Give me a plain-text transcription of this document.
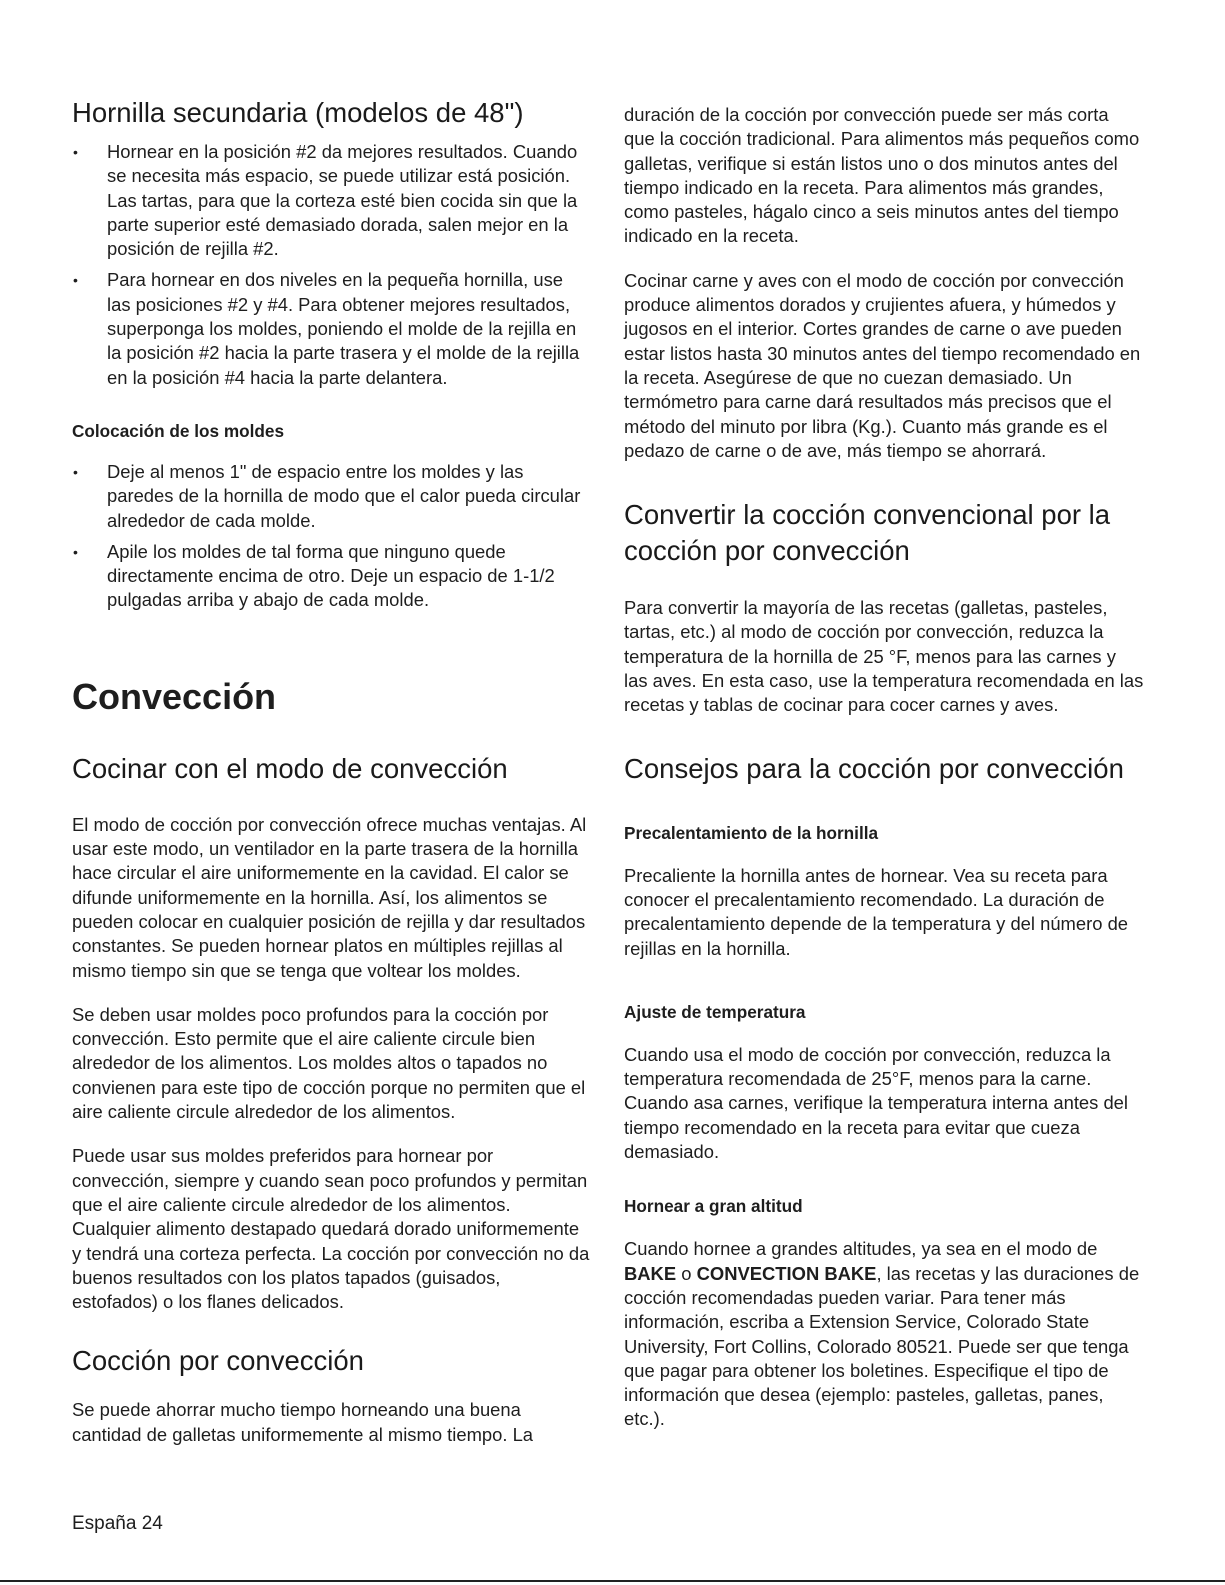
Hornilla secundaria (modelos de 48")
• Hornear en la posición #2 da mejores resultados. Cuando se necesita más espacio, se puede utilizar está posición. Las tartas, para que la corteza esté bien cocida sin que la parte superior esté demasiado dorada, salen mejor en la posición de rejilla #2.
• Para hornear en dos niveles en la pequeña hornilla, use las posiciones #2 y #4. Para obtener mejores resultados, superponga los moldes, poniendo el molde de la rejilla en la posición #2 hacia la parte trasera y el molde de la rejilla en la posición #4 hacia la parte delantera.
Colocación de los moldes
• Deje al menos 1" de espacio entre los moldes y las paredes de la hornilla de modo que el calor pueda circular alrededor de cada molde.
• Apile los moldes de tal forma que ninguno quede directamente encima de otro. Deje un espacio de 1-1/2 pulgadas arriba y abajo de cada molde.
Convección
Cocinar con el modo de convección

El modo de cocción por convección ofrece muchas ventajas. Al usar este modo, un ventilador en la parte trasera de la hornilla hace circular el aire uniformemente en la cavidad. El calor se difunde uniformemente en la hornilla. Así, los alimentos se pueden colocar en cualquier posición de rejilla y dar resultados constantes. Se pueden hornear platos en múltiples rejillas al mismo tiempo sin que se tenga que voltear los moldes.

Se deben usar moldes poco profundos para la cocción por convección. Esto permite que el aire caliente circule bien alrededor de los alimentos. Los moldes altos o tapados no convienen para este tipo de cocción porque no permiten que el aire caliente circule alrededor de los alimentos.

Puede usar sus moldes preferidos para hornear por convección, siempre y cuando sean poco profundos y permitan que el aire caliente circule alrededor de los alimentos. Cualquier alimento destapado quedará dorado uniformemente y tendrá una corteza perfecta. La cocción por convección no da buenos resultados con los platos tapados (guisados, estofados) o los flanes delicados.

Cocción por convección

Se puede ahorrar mucho tiempo horneando una buena cantidad de galletas uniformemente al mismo tiempo. La

duración de la cocción por convección puede ser más corta que la cocción tradicional. Para alimentos más pequeños como galletas, verifique si están listos uno o dos minutos antes del tiempo indicado en la receta. Para alimentos más grandes, como pasteles, hágalo cinco a seis minutos antes del tiempo indicado en la receta.

Cocinar carne y aves con el modo de cocción por convección produce alimentos dorados y crujientes afuera, y húmedos y jugosos en el interior. Cortes grandes de carne o ave pueden estar listos hasta 30 minutos antes del tiempo recomendado en la receta. Asegúrese de que no cuezan demasiado. Un termómetro para carne dará resultados más precisos que el método del minuto por libra (Kg.). Cuanto más grande es el pedazo de carne o de ave, más tiempo se ahorrará.

Convertir la cocción convencional por la cocción por convección

Para convertir la mayoría de las recetas (galletas, pasteles, tartas, etc.) al modo de cocción por convección, reduzca la temperatura de la hornilla de 25 °F, menos para las carnes y las aves. En esta caso, use la temperatura recomendada en las recetas y tablas de cocinar para cocer carnes y aves.

Consejos para la cocción por convección
Precalentamiento de la hornilla

Precaliente la hornilla antes de hornear. Vea su receta para conocer el precalentamiento recomendado. La duración de precalentamiento depende de la temperatura y del número de rejillas en la hornilla.

Ajuste de temperatura

Cuando usa el modo de cocción por convección, reduzca la temperatura recomendada de 25°F, menos para la carne. Cuando asa carnes, verifique la temperatura interna antes del tiempo recomendado en la receta para evitar que cueza demasiado.

Hornear a gran altitud

Cuando hornee a grandes altitudes, ya sea en el modo de BAKE o CONVECTION BAKE, las recetas y las duraciones de cocción recomendadas pueden variar. Para tener más información, escriba a Extension Service, Colorado State University, Fort Collins, Colorado 80521. Puede ser que tenga que pagar para obtener los boletines. Especifique el tipo de información que desea (ejemplo: pasteles, galletas, panes, etc.).

España 24
